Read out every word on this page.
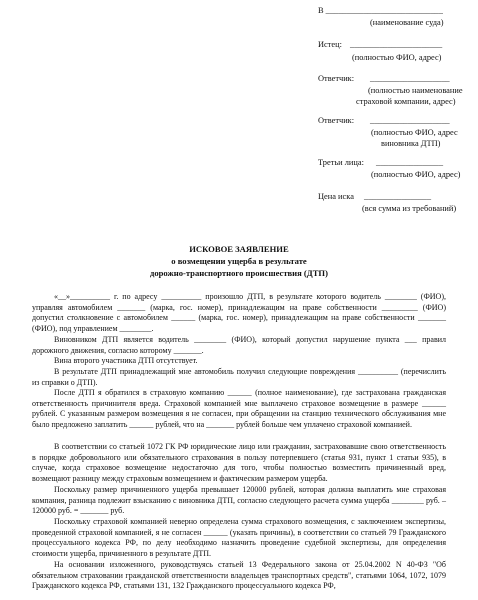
В ____________________________
(наименование суда)
Истец: ______________________
(полностью ФИО, адрес)
Ответчик: ___________________
(полностью наименование
страховой компании, адрес)
Ответчик: ___________________
(полностью ФИО, адрес
виновника ДТП)
Третьи лица: ________________
(полностью ФИО, адрес)
Цена иска ________________
(вся сумма из требований)
ИСКОВОЕ ЗАЯВЛЕНИЕ
о возмещении ущерба в результате
дорожно-транспортного происшествия (ДТП)
«__»__________ г. по адресу __________ произошло ДТП, в результате которого водитель ________ (ФИО), управляя автомобилем _______ (марка, гос. номер), принадлежащим на праве собственности _________ (ФИО) допустил столкновение с автомобилем ______ (марка, гос. номер), принадлежащим на праве собственности _______ (ФИО), под управлением ________.
Виновником ДТП является водитель ________ (ФИО), который допустил нарушение пункта ___ правил дорожного движения, согласно которому _______.
Вина второго участника ДТП отсутствует.
В результате ДТП принадлежащий мне автомобиль получил следующие повреждения __________ (перечислить из справки о ДТП).
После ДТП я обратился в страховую компанию ______ (полное наименование), где застрахована гражданская ответственность причинителя вреда. Страховой компанией мне выплачено страховое возмещение в размере ______ рублей. С указанным размером возмещения я не согласен, при обращении на станцию технического обслуживания мне было предложено заплатить ______ рублей, что на _______ рублей больше чем уплачено страховой компанией.
В соответствии со статьей 1072 ГК РФ юридические лицо или гражданин, застраховавшие свою ответственность в порядке добровольного или обязательного страхования в пользу потерпевшего (статья 931, пункт 1 статьи 935), в случае, когда страховое возмещение недостаточно для того, чтобы полностью возместить причиненный вред, возмещают разницу между страховым возмещением и фактическим размером ущерба.
Поскольку размер причиненного ущерба превышает 120000 рублей, которая должна выплатить мне страховая компания, разница подлежит взысканию с виновника ДТП, согласно следующего расчета сумма ущерба ________ руб. – 120000 руб. = _______ руб.
Поскольку страховой компанией неверно определена сумма страхового возмещения, с заключением экспертизы, проведенной страховой компанией, я не согласен ______ (указать причины), в соответствии со статьей 79 Гражданского процессуального кодекса РФ, по делу необходимо назначить проведение судебной экспертизы, для определения стоимости ущерба, причиненного в результате ДТП.
На основании изложенного, руководствуясь статьей 13 Федерального закона от 25.04.2002 N 40-ФЗ "Об обязательном страховании гражданской ответственности владельцев транспортных средств", статьями 1064, 1072, 1079 Гражданского кодекса РФ, статьями 131, 132 Гражданского процессуального кодекса РФ,
